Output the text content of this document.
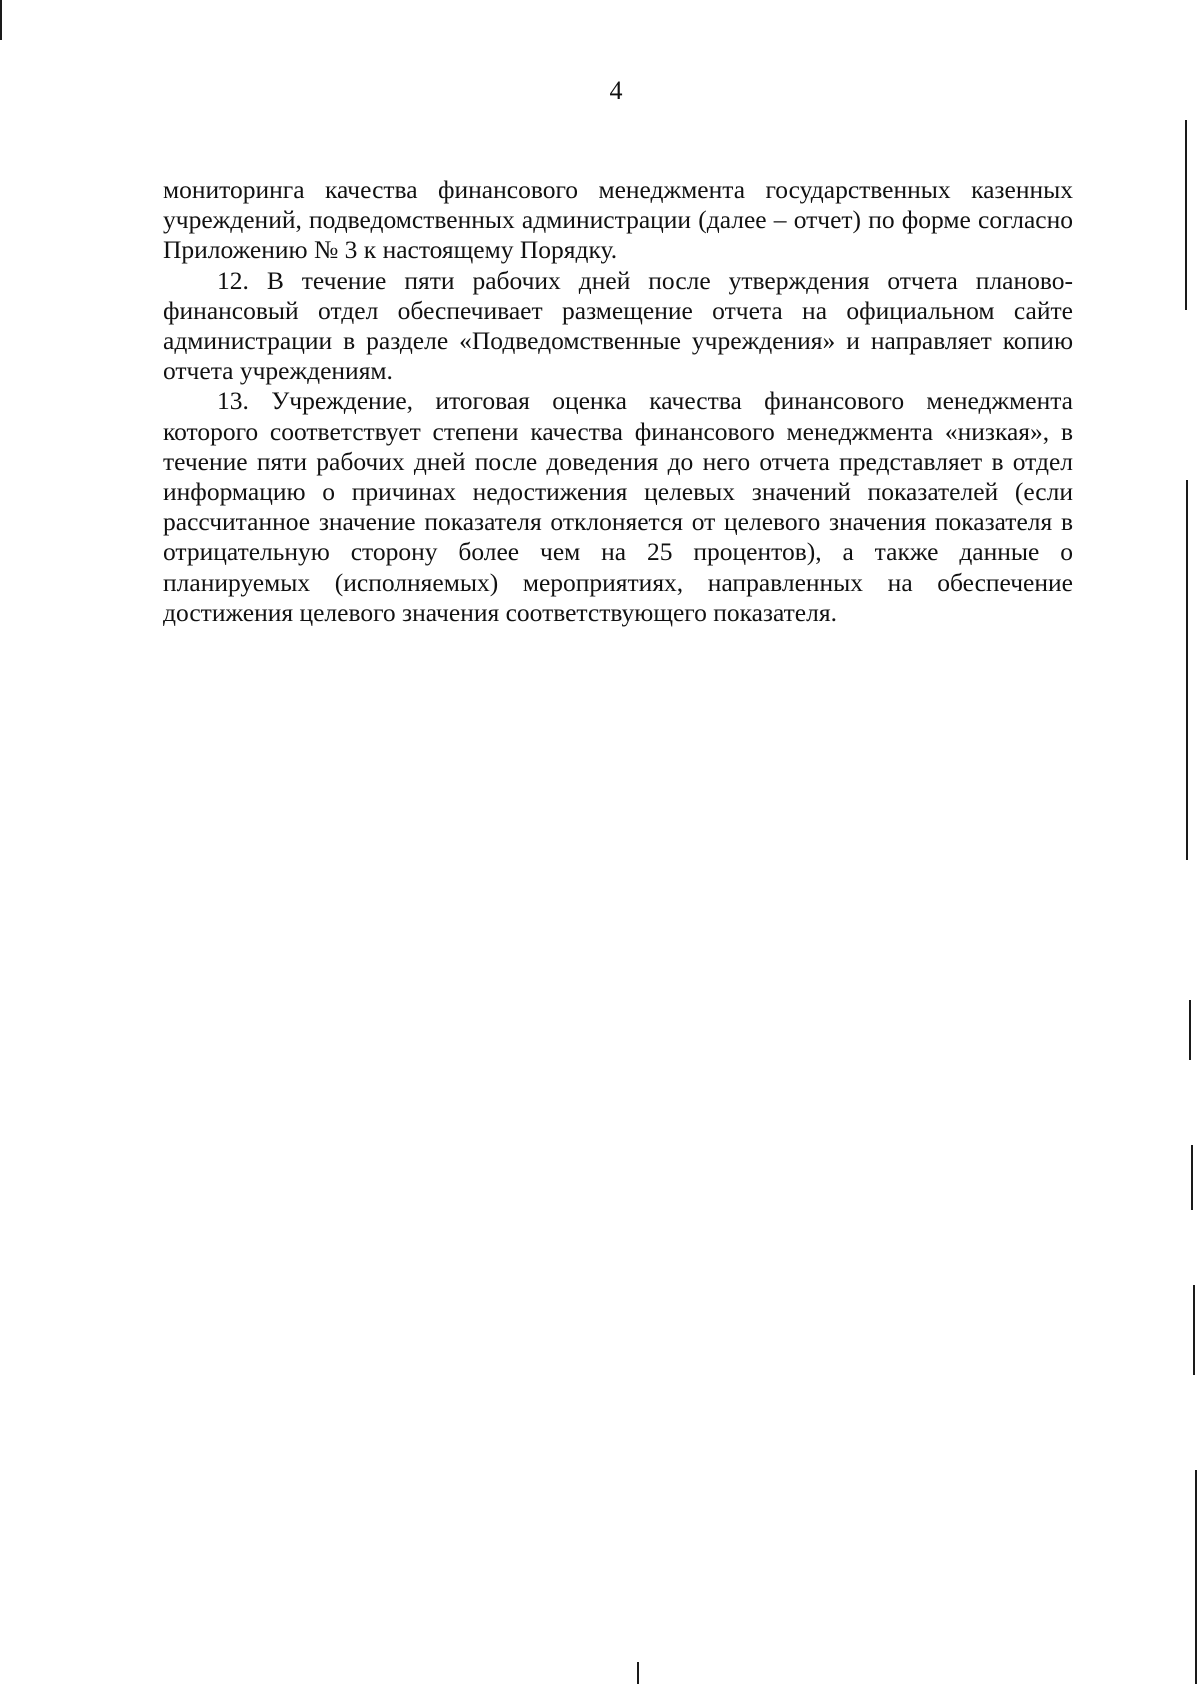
4

мониторинга качества финансового менеджмента государственных казенных учреждений, подведомственных администрации (далее – отчет) по форме согласно Приложению № 3 к настоящему Порядку.

12. В течение пяти рабочих дней после утверждения отчета планово-финансовый отдел обеспечивает размещение отчета на официальном сайте администрации в разделе «Подведомственные учреждения» и направляет копию отчета учреждениям.

13. Учреждение, итоговая оценка качества финансового менеджмента которого соответствует степени качества финансового менеджмента «низкая», в течение пяти рабочих дней после доведения до него отчета представляет в отдел информацию о причинах недостижения целевых значений показателей (если рассчитанное значение показателя отклоняется от целевого значения показателя в отрицательную сторону более чем на 25 процентов), а также данные о планируемых (исполняемых) мероприятиях, направленных на обеспечение достижения целевого значения соответствующего показателя.
